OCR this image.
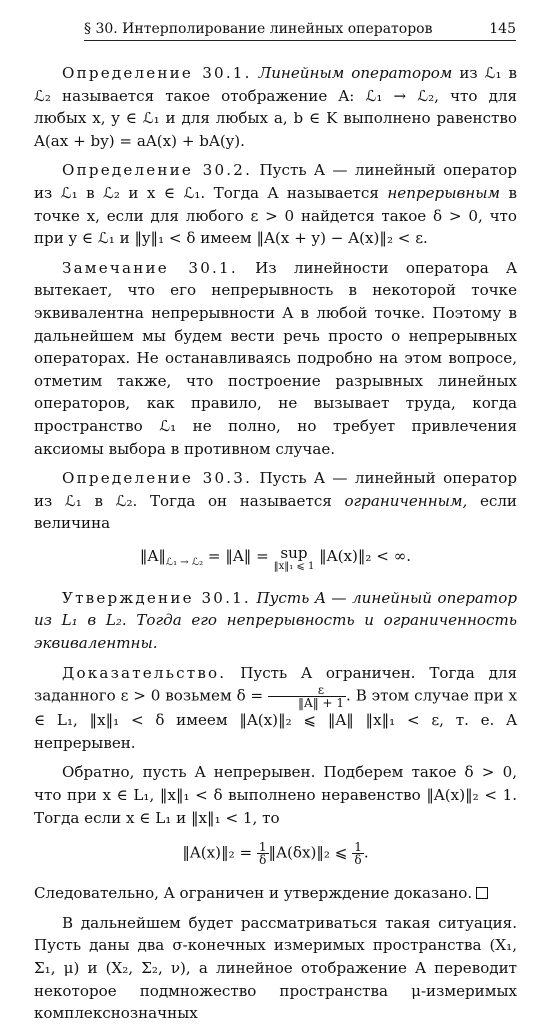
§ 30. Интерполирование линейных операторов	145

Определение 30.1. Линейным оператором из ℒ₁ в ℒ₂ называется такое отображение A: ℒ₁ → ℒ₂, что для любых x, y ∈ ℒ₁ и для любых a, b ∈ K выполнено равенство A(ax + by) = aA(x) + bA(y).

Определение 30.2. Пусть A — линейный оператор из ℒ₁ в ℒ₂ и x ∈ ℒ₁. Тогда A называется непрерывным в точке x, если для любого ε > 0 найдется такое δ > 0, что при y ∈ ℒ₁ и ‖y‖₁ < δ имеем ‖A(x + y) − A(x)‖₂ < ε.

Замечание 30.1. Из линейности оператора A вытекает, что его непрерывность в некоторой точке эквивалентна непрерывности A в любой точке. Поэтому в дальнейшем мы будем вести речь просто о непрерывных операторах. Не останавливаясь подробно на этом вопросе, отметим также, что построение разрывных линейных операторов, как правило, не вызывает труда, когда пространство ℒ₁ не полно, но требует привлечения аксиомы выбора в противном случае.

Определение 30.3. Пусть A — линейный оператор из ℒ₁ в ℒ₂. Тогда он называется ограниченным, если величина

$‖A‖_{ℒ_1 \to ℒ_2}$ = ‖A‖ = sup
‖x‖₁ ⩽ 1
‖A(x)‖₂ < ∞.

Утверждение 30.1. Пусть A — линейный оператор из L₁ в L₂. Тогда его непрерывность и ограниченность эквивалентны.

Доказательство. Пусть A ограничен. Тогда для заданного ε > 0 возьмем $\delta = \frac{\varepsilon}{‖A‖ + 1}$ . В этом случае при x ∈ L₁, ‖x‖₁ < δ имеем ‖A(x)‖₂ ⩽ ‖A‖ ‖x‖₁ < ε, т. е. A непрерывен.

Обратно, пусть A непрерывен. Подберем такое δ > 0, что при x ∈ L₁, ‖x‖₁ < δ выполнено неравенство ‖A(x)‖₂ < 1. Тогда если x ∈ L₁ и ‖x‖₁ < 1, то

‖A(x)‖₂ = $\frac{1}{\delta}$ ‖A(δx)‖₂ ⩽ $\frac{1}{\delta}$ .

Следовательно, A ограничен и утверждение доказано.

В дальнейшем будет рассматриваться такая ситуация. Пусть даны два σ-конечных измеримых пространства (X₁, Σ₁, μ) и (X₂, Σ₂, ν), а линейное отображение A переводит некоторое подмножество пространства μ-измеримых комплекснозначных
